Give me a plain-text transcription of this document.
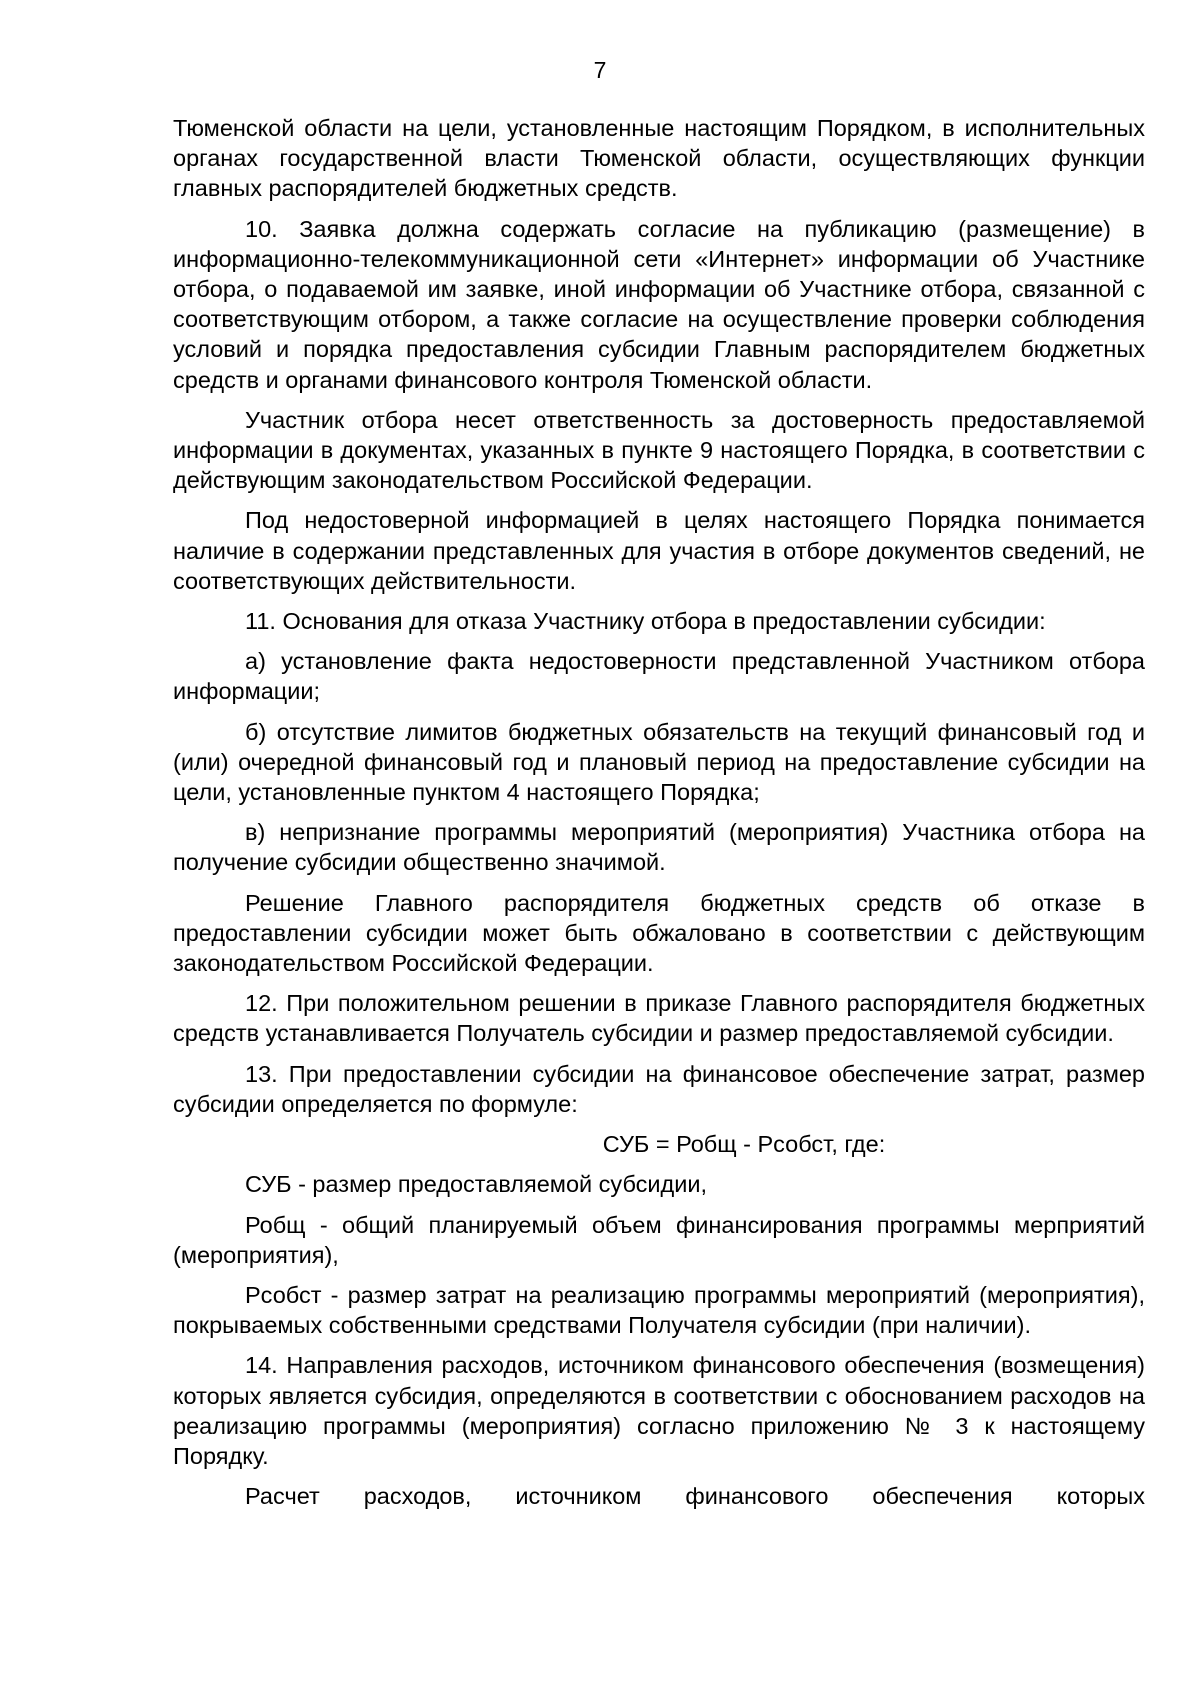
7

Тюменской области на цели, установленные настоящим Порядком, в исполнительных органах государственной власти Тюменской области, осуществляющих функции главных распорядителей бюджетных средств.

10. Заявка должна содержать согласие на публикацию (размещение) в информационно-телекоммуникационной сети «Интернет» информации об Участнике отбора, о подаваемой им заявке, иной информации об Участнике отбора, связанной с соответствующим отбором, а также согласие на осуществление проверки соблюдения условий и порядка предоставления субсидии Главным распорядителем бюджетных средств и органами финансового контроля Тюменской области.

Участник отбора несет ответственность за достоверность предоставляемой информации в документах, указанных в пункте 9 настоящего Порядка, в соответствии с действующим законодательством Российской Федерации.

Под недостоверной информацией в целях настоящего Порядка понимается наличие в содержании представленных для участия в отборе документов сведений, не соответствующих действительности.

11. Основания для отказа Участнику отбора в предоставлении субсидии:

а) установление факта недостоверности представленной Участником отбора информации;

б) отсутствие лимитов бюджетных обязательств на текущий финансовый год и (или) очередной финансовый год и плановый период на предоставление субсидии на цели, установленные пунктом 4 настоящего Порядка;

в) непризнание программы мероприятий (мероприятия) Участника отбора на получение субсидии общественно значимой.

Решение Главного распорядителя бюджетных средств об отказе в предоставлении субсидии может быть обжаловано в соответствии с действующим законодательством Российской Федерации.

12. При положительном решении в приказе Главного распорядителя бюджетных средств устанавливается Получатель субсидии и размер предоставляемой субсидии.

13. При предоставлении субсидии на финансовое обеспечение затрат, размер субсидии определяется по формуле:

СУБ = Робщ - Рсобст, где:

СУБ - размер предоставляемой субсидии,

Робщ - общий планируемый объем финансирования программы мерприятий (мероприятия),

Рсобст - размер затрат на реализацию программы мероприятий (мероприятия), покрываемых собственными средствами Получателя субсидии (при наличии).

14. Направления расходов, источником финансового обеспечения (возмещения) которых является субсидия, определяются в соответствии с обоснованием расходов на реализацию программы (мероприятия) согласно приложению № 3 к настоящему Порядку.

Расчет расходов, источником финансового обеспечения которых
